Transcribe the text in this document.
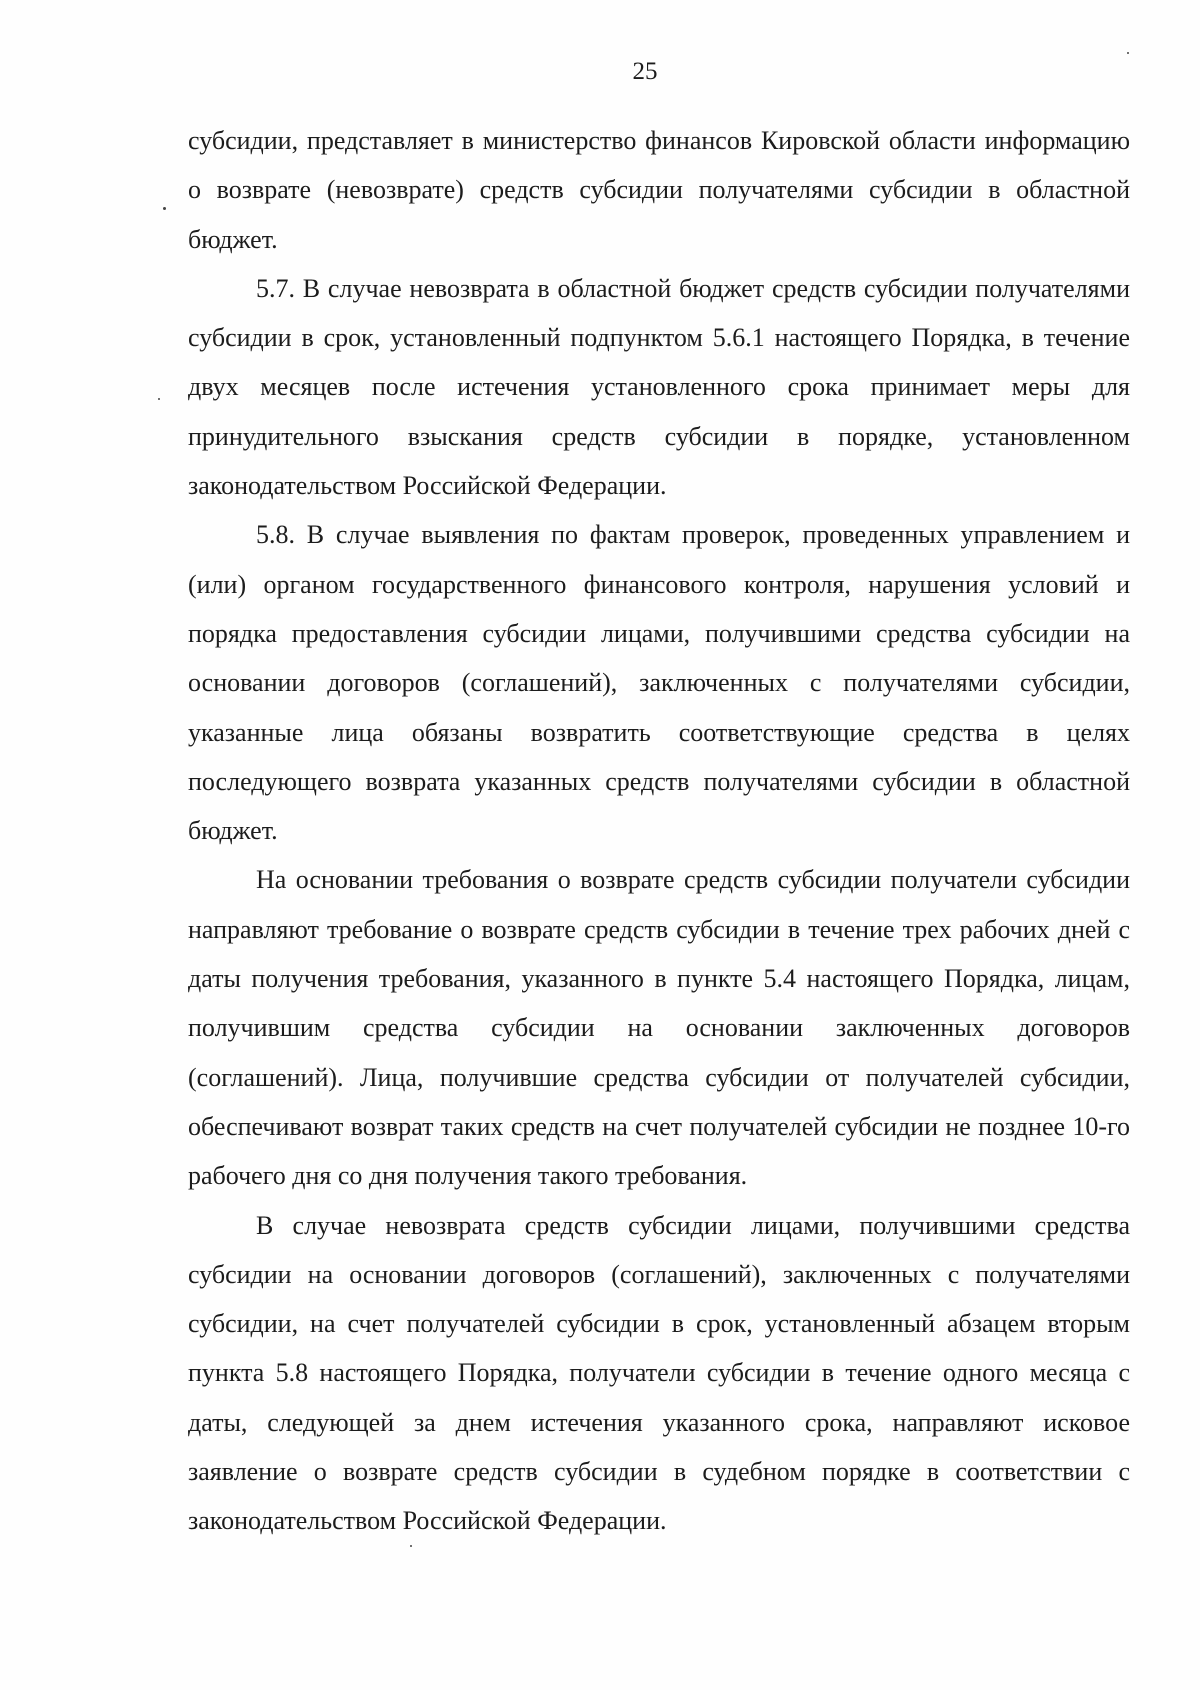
25

субсидии, представляет в министерство финансов Кировской области информацию о возврате (невозврате) средств субсидии получателями субсидии в областной бюджет.

5.7. В случае невозврата в областной бюджет средств субсидии получателями субсидии в срок, установленный подпунктом 5.6.1 настоящего Порядка, в течение двух месяцев после истечения установленного срока принимает меры для принудительного взыскания средств субсидии в порядке, установленном законодательством Российской Федерации.

5.8. В случае выявления по фактам проверок, проведенных управлением и (или) органом государственного финансового контроля, нарушения условий и порядка предоставления субсидии лицами, получившими средства субсидии на основании договоров (соглашений), заключенных с получателями субсидии, указанные лица обязаны возвратить соответствующие средства в целях последующего возврата указанных средств получателями субсидии в областной бюджет.

На основании требования о возврате средств субсидии получатели субсидии направляют требование о возврате средств субсидии в течение трех рабочих дней с даты получения требования, указанного в пункте 5.4 настоящего Порядка, лицам, получившим средства субсидии на основании заключенных договоров (соглашений). Лица, получившие средства субсидии от получателей субсидии, обеспечивают возврат таких средств на счет получателей субсидии не позднее 10-го рабочего дня со дня получения такого требования.

В случае невозврата средств субсидии лицами, получившими средства субсидии на основании договоров (соглашений), заключенных с получателями субсидии, на счет получателей субсидии в срок, установленный абзацем вторым пункта 5.8 настоящего Порядка, получатели субсидии в течение одного месяца с даты, следующей за днем истечения указанного срока, направляют исковое заявление о возврате средств субсидии в судебном порядке в соответствии с законодательством Российской Федерации.
